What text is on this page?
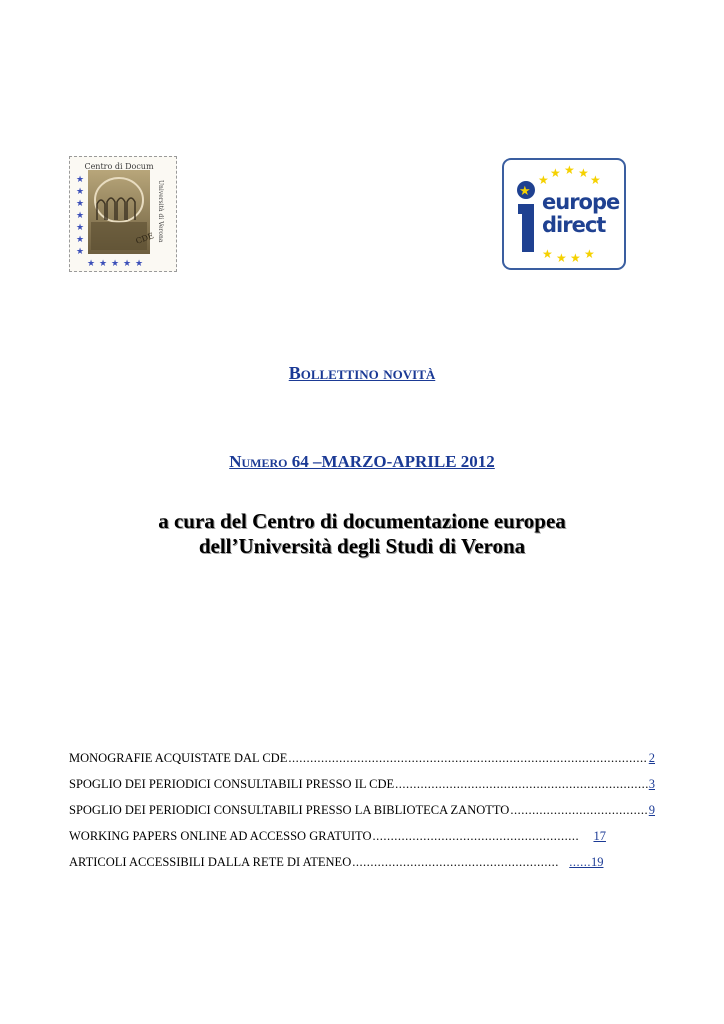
CDE
Centro di Docum
Università di Verona
★
★
★
★
★
★
★
★ ★ ★ ★ ★
★ ★ ★ ★ ★
★ ★ ★ ★
★ europe
direct
Bollettino novità
Numero 64 –MARZO-APRILE 2012
a cura del Centro di documentazione europea
dell’Università degli Studi di Verona
MONOGRAFIE ACQUISTATE DAL CDE .....	2
SPOGLIO DEI PERIODICI CONSULTABILI PRESSO IL CDE .....	3
SPOGLIO DEI PERIODICI CONSULTABILI PRESSO LA BIBLIOTECA ZANOTTO .....	9
WORKING PAPERS ONLINE AD ACCESSO GRATUITO .....	17
ARTICOLI ACCESSIBILI DALLA RETE DI ATENEO .....	......19
